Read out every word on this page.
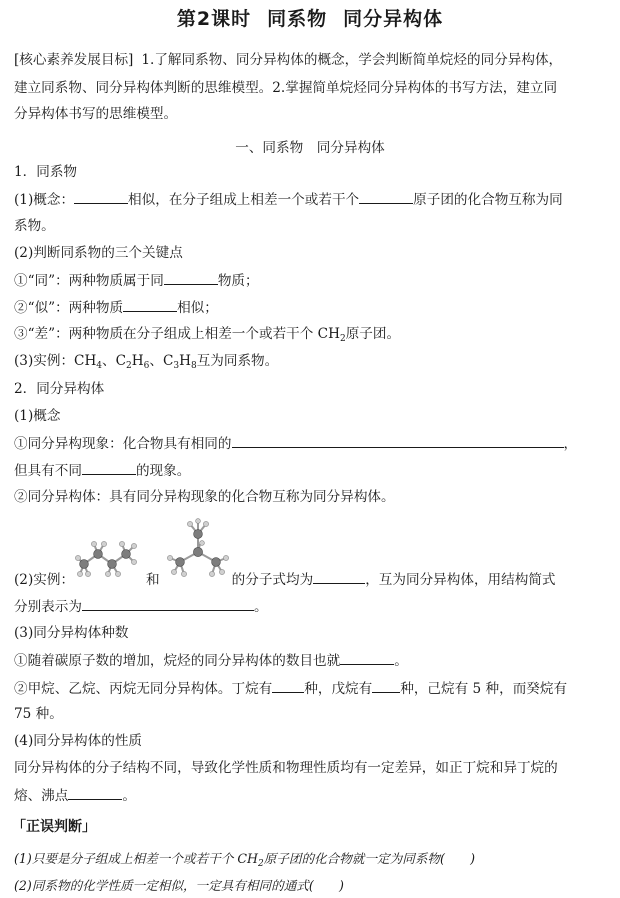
第2课时 同系物 同分异构体
[核心素养发展目标] 1.了解同系物、同分异构体的概念，学会判断简单烷烃的同分异构体，
建立同系物、同分异构体判断的思维模型。2.掌握简单烷烃同分异构体的书写方法，建立同
分异构体书写的思维模型。
一、同系物　同分异构体
1．同系物
(1)概念：	相似，在分子组成上相差一个或若干个	原子团的化合物互称为同
系物。
(2)判断同系物的三个关键点
①“同”：两种物质属于同	物质；
②“似”：两种物质	相似；
③“差”：两种物质在分子组成上相差一个或若干个 $CH_2$原子团。
(3)实例：$CH_4$、$C_2H_6$、$C_3H_8$互为同系物。
2．同分异构体
(1)概念
①同分异构现象：化合物具有相同的	，
但具有不同	的现象。
②同分异构体：具有同分异构现象的化合物互称为同分异构体。
(2)实例：	和	的分子式均为	，互为同分异构体，用结构简式
分别表示为	。
(3)同分异构体种数
①随着碳原子数的增加，烷烃的同分异构体的数目也就	。
②甲烷、乙烷、丙烷无同分异构体。丁烷有 种，戊烷有 种，己烷有 5 种，而癸烷有
75 种。
(4)同分异构体的性质
同分异构体的分子结构不同，导致化学性质和物理性质均有一定差异，如正丁烷和异丁烷的
熔、沸点	。
「正误判断」
(1)只要是分子组成上相差一个或若干个 $CH_2$原子团的化合物就一定为同系物(　　)
(2)同系物的化学性质一定相似，一定具有相同的通式(　　)
